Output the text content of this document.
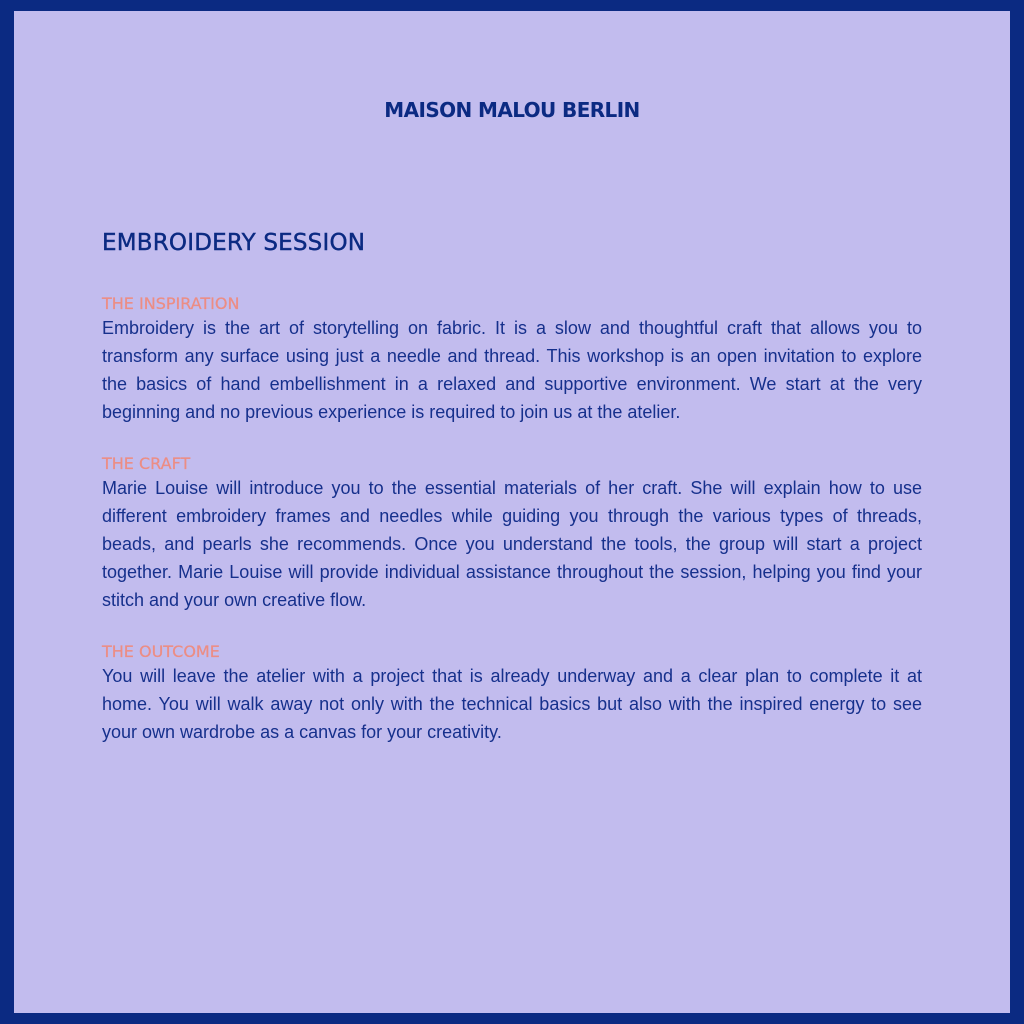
MAISON MALOU BERLIN
EMBROIDERY SESSION
THE INSPIRATION

Embroidery is the art of storytelling on fabric. It is a slow and thoughtful craft that allows you to transform any surface using just a needle and thread. This workshop is an open invitation to explore the basics of hand embellishment in a relaxed and supportive environment. We start at the very beginning and no previous experience is required to join us at the atelier.

THE CRAFT

Marie Louise will introduce you to the essential materials of her craft. She will explain how to use different embroidery frames and needles while guiding you through the various types of threads, beads, and pearls she recommends. Once you understand the tools, the group will start a project together. Marie Louise will provide individual assistance throughout the session, helping you find your stitch and your own creative flow.

THE OUTCOME

You will leave the atelier with a project that is already underway and a clear plan to complete it at home. You will walk away not only with the technical basics but also with the inspired energy to see your own wardrobe as a canvas for your creativity.
